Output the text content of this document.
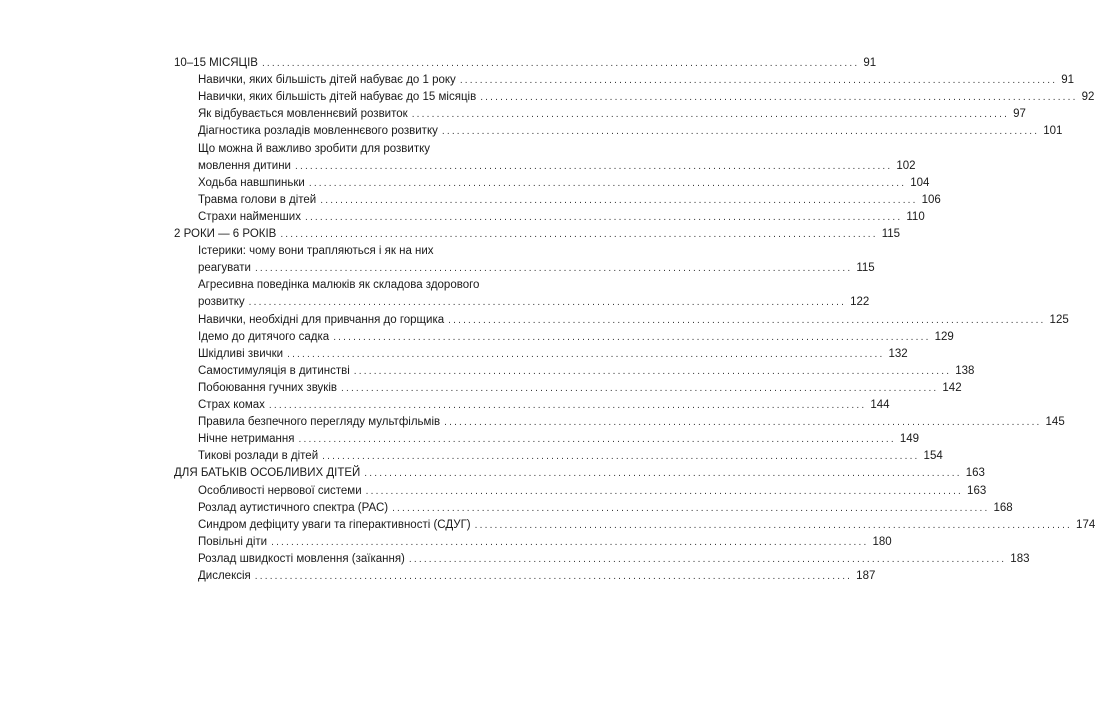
10–15 МІСЯЦІВ ........................................................................................................................ 91
Навички, яких більшість дітей набуває до 1 року ........................................................................................................................ 91
Навички, яких більшість дітей набуває до 15 місяців ........................................................................................................................ 92
Як відбувається мовленнєвий розвиток ........................................................................................................................ 97
Діагностика розладів мовленнєвого розвитку ........................................................................................................................ 101
Що можна й важливо зробити для розвитку
мовлення дитини ........................................................................................................................ 102
Ходьба навшпиньки ........................................................................................................................ 104
Травма голови в дітей ........................................................................................................................ 106
Страхи найменших ........................................................................................................................ 110
2 РОКИ — 6 РОКІВ ........................................................................................................................ 115
Істерики: чому вони трапляються і як на них
реагувати ........................................................................................................................ 115
Агресивна поведінка малюків як складова здорового
розвитку ........................................................................................................................ 122
Навички, необхідні для привчання до горщика ........................................................................................................................ 125
Ідемо до дитячого садка ........................................................................................................................ 129
Шкідливі звички ........................................................................................................................ 132
Самостимуляція в дитинстві ........................................................................................................................ 138
Побоювання гучних звуків ........................................................................................................................ 142
Страх комах ........................................................................................................................ 144
Правила безпечного перегляду мультфільмів ........................................................................................................................ 145
Нічне нетримання ........................................................................................................................ 149
Тикові розлади в дітей ........................................................................................................................ 154
ДЛЯ БАТЬКІВ ОСОБЛИВИХ ДІТЕЙ ........................................................................................................................ 163
Особливості нервової системи ........................................................................................................................ 163
Розлад аутистичного спектра (РАС) ........................................................................................................................ 168
Синдром дефіциту уваги та гіперактивності (СДУГ) ........................................................................................................................ 174
Повільні діти ........................................................................................................................ 180
Розлад швидкості мовлення (заїкання) ........................................................................................................................ 183
Дислексія ........................................................................................................................ 187
